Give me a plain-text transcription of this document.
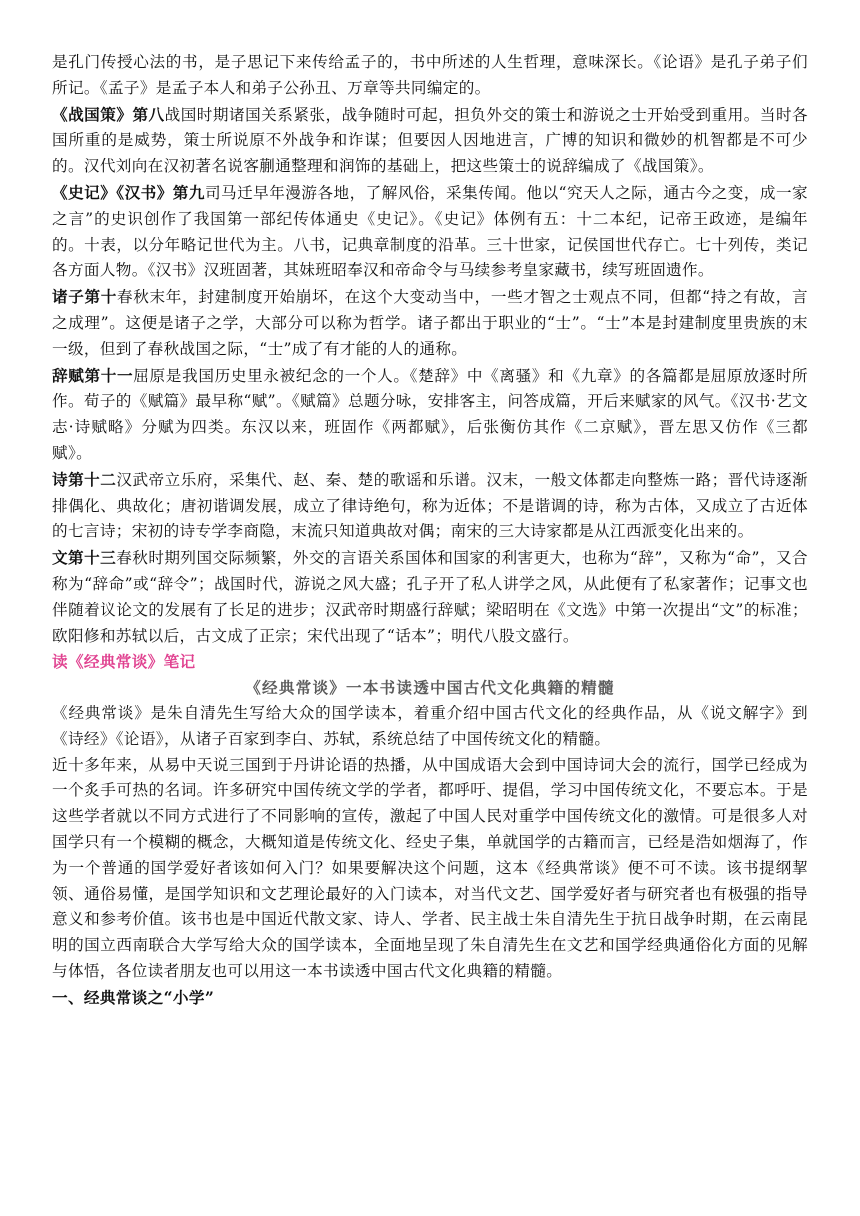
是孔门传授心法的书，是子思记下来传给孟子的，书中所述的人生哲理，意味深长。《论语》是孔子弟子们所记。《孟子》是孟子本人和弟子公孙丑、万章等共同编定的。

《战国策》第八战国时期诸国关系紧张，战争随时可起，担负外交的策士和游说之士开始受到重用。当时各国所重的是威势，策士所说原不外战争和诈谋；但要因人因地进言，广博的知识和微妙的机智都是不可少的。汉代刘向在汉初著名说客蒯通整理和润饰的基础上，把这些策士的说辞编成了《战国策》。

《史记》《汉书》第九司马迁早年漫游各地，了解风俗，采集传闻。他以“究天人之际，通古今之变，成一家之言”的史识创作了我国第一部纪传体通史《史记》。《史记》体例有五：十二本纪，记帝王政迹，是编年的。十表，以分年略记世代为主。八书，记典章制度的沿革。三十世家，记侯国世代存亡。七十列传，类记各方面人物。《汉书》汉班固著，其妹班昭奉汉和帝命令与马续参考皇家藏书，续写班固遗作。

诸子第十春秋末年，封建制度开始崩坏，在这个大变动当中，一些才智之士观点不同，但都“持之有故，言之成理”。这便是诸子之学，大部分可以称为哲学。诸子都出于职业的“士”。“士”本是封建制度里贵族的末一级，但到了春秋战国之际，“士”成了有才能的人的通称。

辞赋第十一屈原是我国历史里永被纪念的一个人。《楚辞》中《离骚》和《九章》的各篇都是屈原放逐时所作。荀子的《赋篇》最早称“赋”。《赋篇》总题分咏，安排客主，问答成篇，开后来赋家的风气。《汉书·艺文志·诗赋略》分赋为四类。东汉以来，班固作《两都赋》，后张衡仿其作《二京赋》，晋左思又仿作《三都赋》。

诗第十二汉武帝立乐府，采集代、赵、秦、楚的歌谣和乐谱。汉末，一般文体都走向整炼一路；晋代诗逐渐排偶化、典故化；唐初谐调发展，成立了律诗绝句，称为近体；不是谐调的诗，称为古体，又成立了古近体的七言诗；宋初的诗专学李商隐，末流只知道典故对偶；南宋的三大诗家都是从江西派变化出来的。

文第十三春秋时期列国交际频繁，外交的言语关系国体和国家的利害更大，也称为“辞”，又称为“命”，又合称为“辞命”或“辞令”；战国时代，游说之风大盛；孔子开了私人讲学之风，从此便有了私家著作；记事文也伴随着议论文的发展有了长足的进步；汉武帝时期盛行辞赋；梁昭明在《文选》中第一次提出“文”的标准；欧阳修和苏轼以后，古文成了正宗；宋代出现了“话本”；明代八股文盛行。

读《经典常谈》笔记

《经典常谈》一本书读透中国古代文化典籍的精髓

《经典常谈》是朱自清先生写给大众的国学读本，着重介绍中国古代文化的经典作品，从《说文解字》到《诗经》《论语》，从诸子百家到李白、苏轼，系统总结了中国传统文化的精髓。

近十多年来，从易中天说三国到于丹讲论语的热播，从中国成语大会到中国诗词大会的流行，国学已经成为一个炙手可热的名词。许多研究中国传统文学的学者，都呼吁、提倡，学习中国传统文化，不要忘本。于是这些学者就以不同方式进行了不同影响的宣传，激起了中国人民对重学中国传统文化的激情。可是很多人对国学只有一个模糊的概念，大概知道是传统文化、经史子集，单就国学的古籍而言，已经是浩如烟海了，作为一个普通的国学爱好者该如何入门？如果要解决这个问题，这本《经典常谈》便不可不读。该书提纲挈领、通俗易懂，是国学知识和文艺理论最好的入门读本，对当代文艺、国学爱好者与研究者也有极强的指导意义和参考价值。该书也是中国近代散文家、诗人、学者、民主战士朱自清先生于抗日战争时期，在云南昆明的国立西南联合大学写给大众的国学读本，全面地呈现了朱自清先生在文艺和国学经典通俗化方面的见解与体悟，各位读者朋友也可以用这一本书读透中国古代文化典籍的精髓。

一、经典常谈之“小学”
